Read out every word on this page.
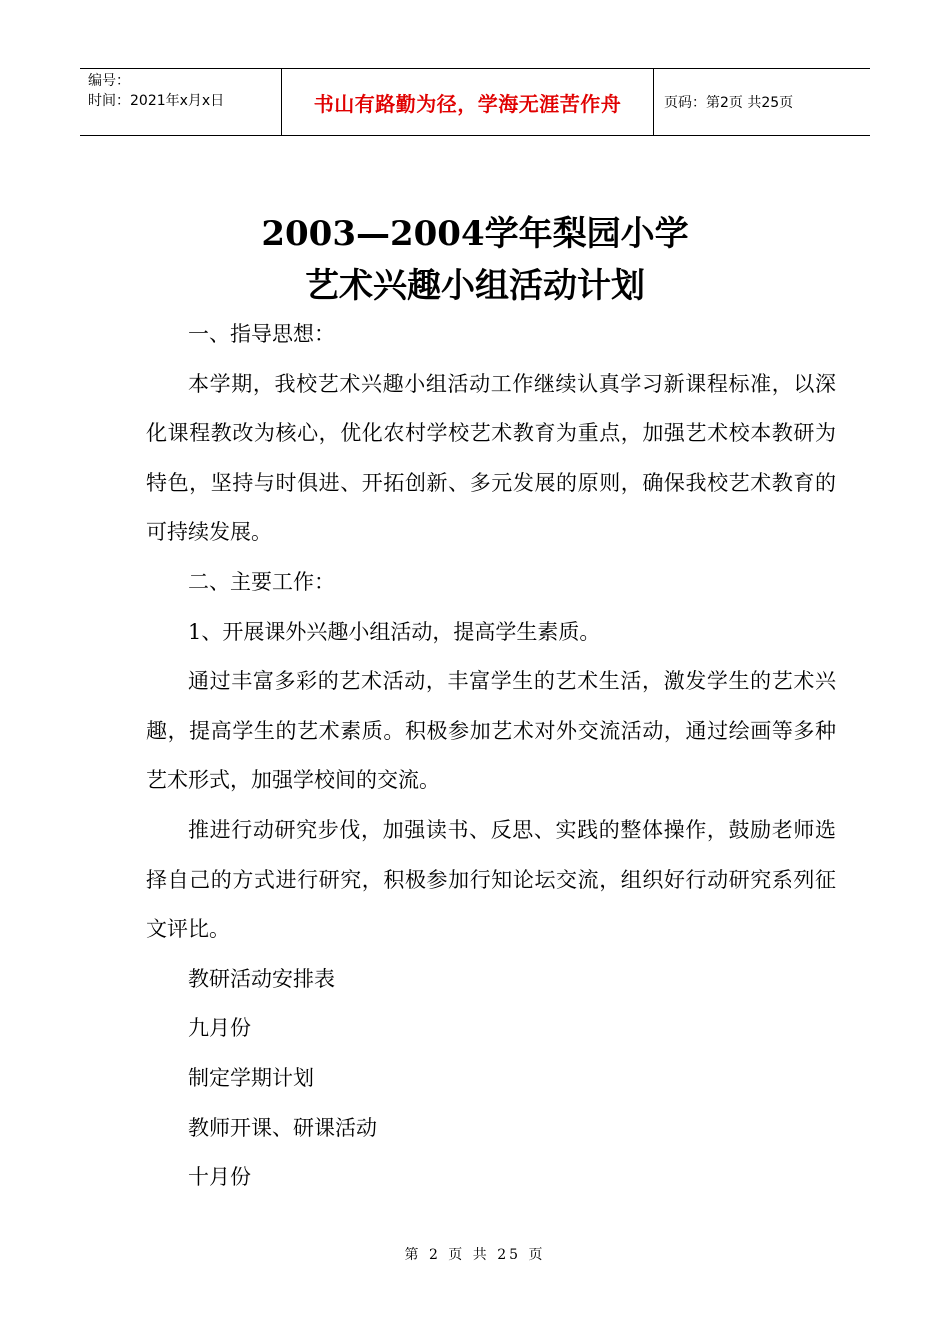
编号：
时间：2021年x月x日	书山有路勤为径，学海无涯苦作舟	页码：第2页 共25页
2003—2004学年梨园小学
艺术兴趣小组活动计划

一、指导思想：

本学期，我校艺术兴趣小组活动工作继续认真学习新课程标准，以深化课程教改为核心，优化农村学校艺术教育为重点，加强艺术校本教研为特色，坚持与时俱进、开拓创新、多元发展的原则，确保我校艺术教育的可持续发展。

二、主要工作：

1、开展课外兴趣小组活动，提高学生素质。

通过丰富多彩的艺术活动，丰富学生的艺术生活，激发学生的艺术兴趣，提高学生的艺术素质。积极参加艺术对外交流活动，通过绘画等多种艺术形式，加强学校间的交流。

推进行动研究步伐，加强读书、反思、实践的整体操作，鼓励老师选择自己的方式进行研究，积极参加行知论坛交流，组织好行动研究系列征文评比。

教研活动安排表

九月份

制定学期计划

教师开课、研课活动

十月份

第 2 页 共 25 页
